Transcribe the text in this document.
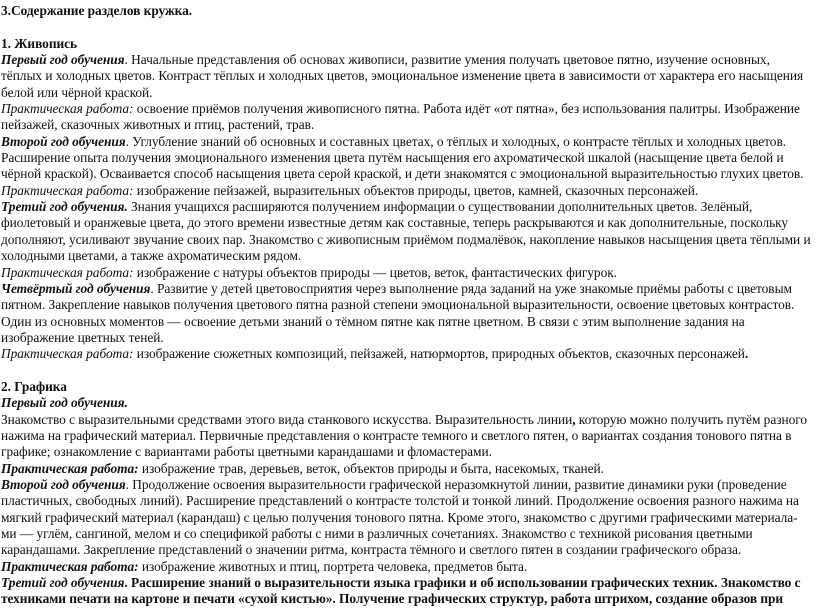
3.Содержание разделов кружка.

1. Живопись

Первый год обучения. Начальные представления об основах живописи, развитие умения получать цветовое пятно, изучение основных, тёплых и холодных цветов. Контраст тёплых и холодных цветов, эмоциональное изменение цвета в зависимости от характера его насыщения белой или чёрной краской.

Практическая работа: освоение приёмов получения живописного пятна. Работа идёт «от пятна», без использования палитры. Изображение пейзажей, сказочных животных и птиц, растений, трав.

Второй год обучения. Углубление знаний об основных и составных цветах, о тёплых и холодных, о контрасте тёплых и холодных цветов. Расширение опыта получения эмоционального изменения цвета путём насыщения его ахроматической шкалой (насыщение цвета белой и чёрной краской). Осваивается способ насыщения цвета серой краской, и дети знакомятся с эмоциональной выразительностью глухих цветов.

Практическая работа: изображение пейзажей, выразительных объектов природы, цветов, камней, сказочных персонажей.

Третий год обучения. Знания учащихся расширяются получением информации о существовании дополнительных цветов. Зелёный, фиолетовый и оранжевые цвета, до этого времени известные детям как составные, теперь раскрываются и как дополнительные, поскольку дополняют, усиливают звучание своих пар. Знакомство с живописным приёмом подмалёвок, накопление навыков насыщения цвета тёплыми и холодными цветами, а также ахроматическим рядом.

Практическая работа: изображение с натуры объектов природы — цветов, веток, фантастических фигурок.

Четвёртый год обучения. Развитие у детей цветовосприятия через выполнение ряда заданий на уже знакомые приёмы работы с цветовым пятном. Закрепление навыков получения цветового пятна разной степени эмоциональной выразительности, освоение цветовых контрастов. Один из основных моментов — освоение детьми знаний о тёмном пятне как пятне цветном. В связи с этим выполнение задания на изображение цветных теней.

Практическая работа: изображение сюжетных композиций, пейзажей, натюрмортов, природных объектов, сказочных персонажей.

2. Графика

Первый год обучения.

Знакомство с выразительными средствами этого вида станкового искусства. Выразительность линии, которую можно получить путём разного нажима на графический материал. Первичные представления о контрасте темного и светлого пятен, о вариантах создания тонового пятна в графике; ознакомление с вариантами работы цветными карандашами и фломастерами.

Практическая работа: изображение трав, деревьев, веток, объектов природы и быта, насекомых, тканей.

Второй год обучения. Продолжение освоения выразительности графической неразомкнутой линии, развитие динамики руки (проведение пластичных, свободных линий). Расширение представлений о контрасте толстой и тонкой линий. Продолжение освоения разного нажима на мягкий графический материал (карандаш) с целью получения тонового пятна. Кроме этого, знакомство с другими графическими материала-ми — углём, сангиной, мелом и со спецификой работы с ними в различных сочетаниях. Знакомство с техникой рисования цветными карандашами. Закрепление представлений о значении ритма, контраста тёмного и светлого пятен в создании графического образа.

Практическая работа: изображение животных и птиц, портрета человека, предметов быта.

Третий год обучения. Расширение знаний о выразительности языка графики и об использовании графических техник. Знакомство с техниками печати на картоне и печати «сухой кистью». Получение графических структур, работа штрихом, создание образов при
